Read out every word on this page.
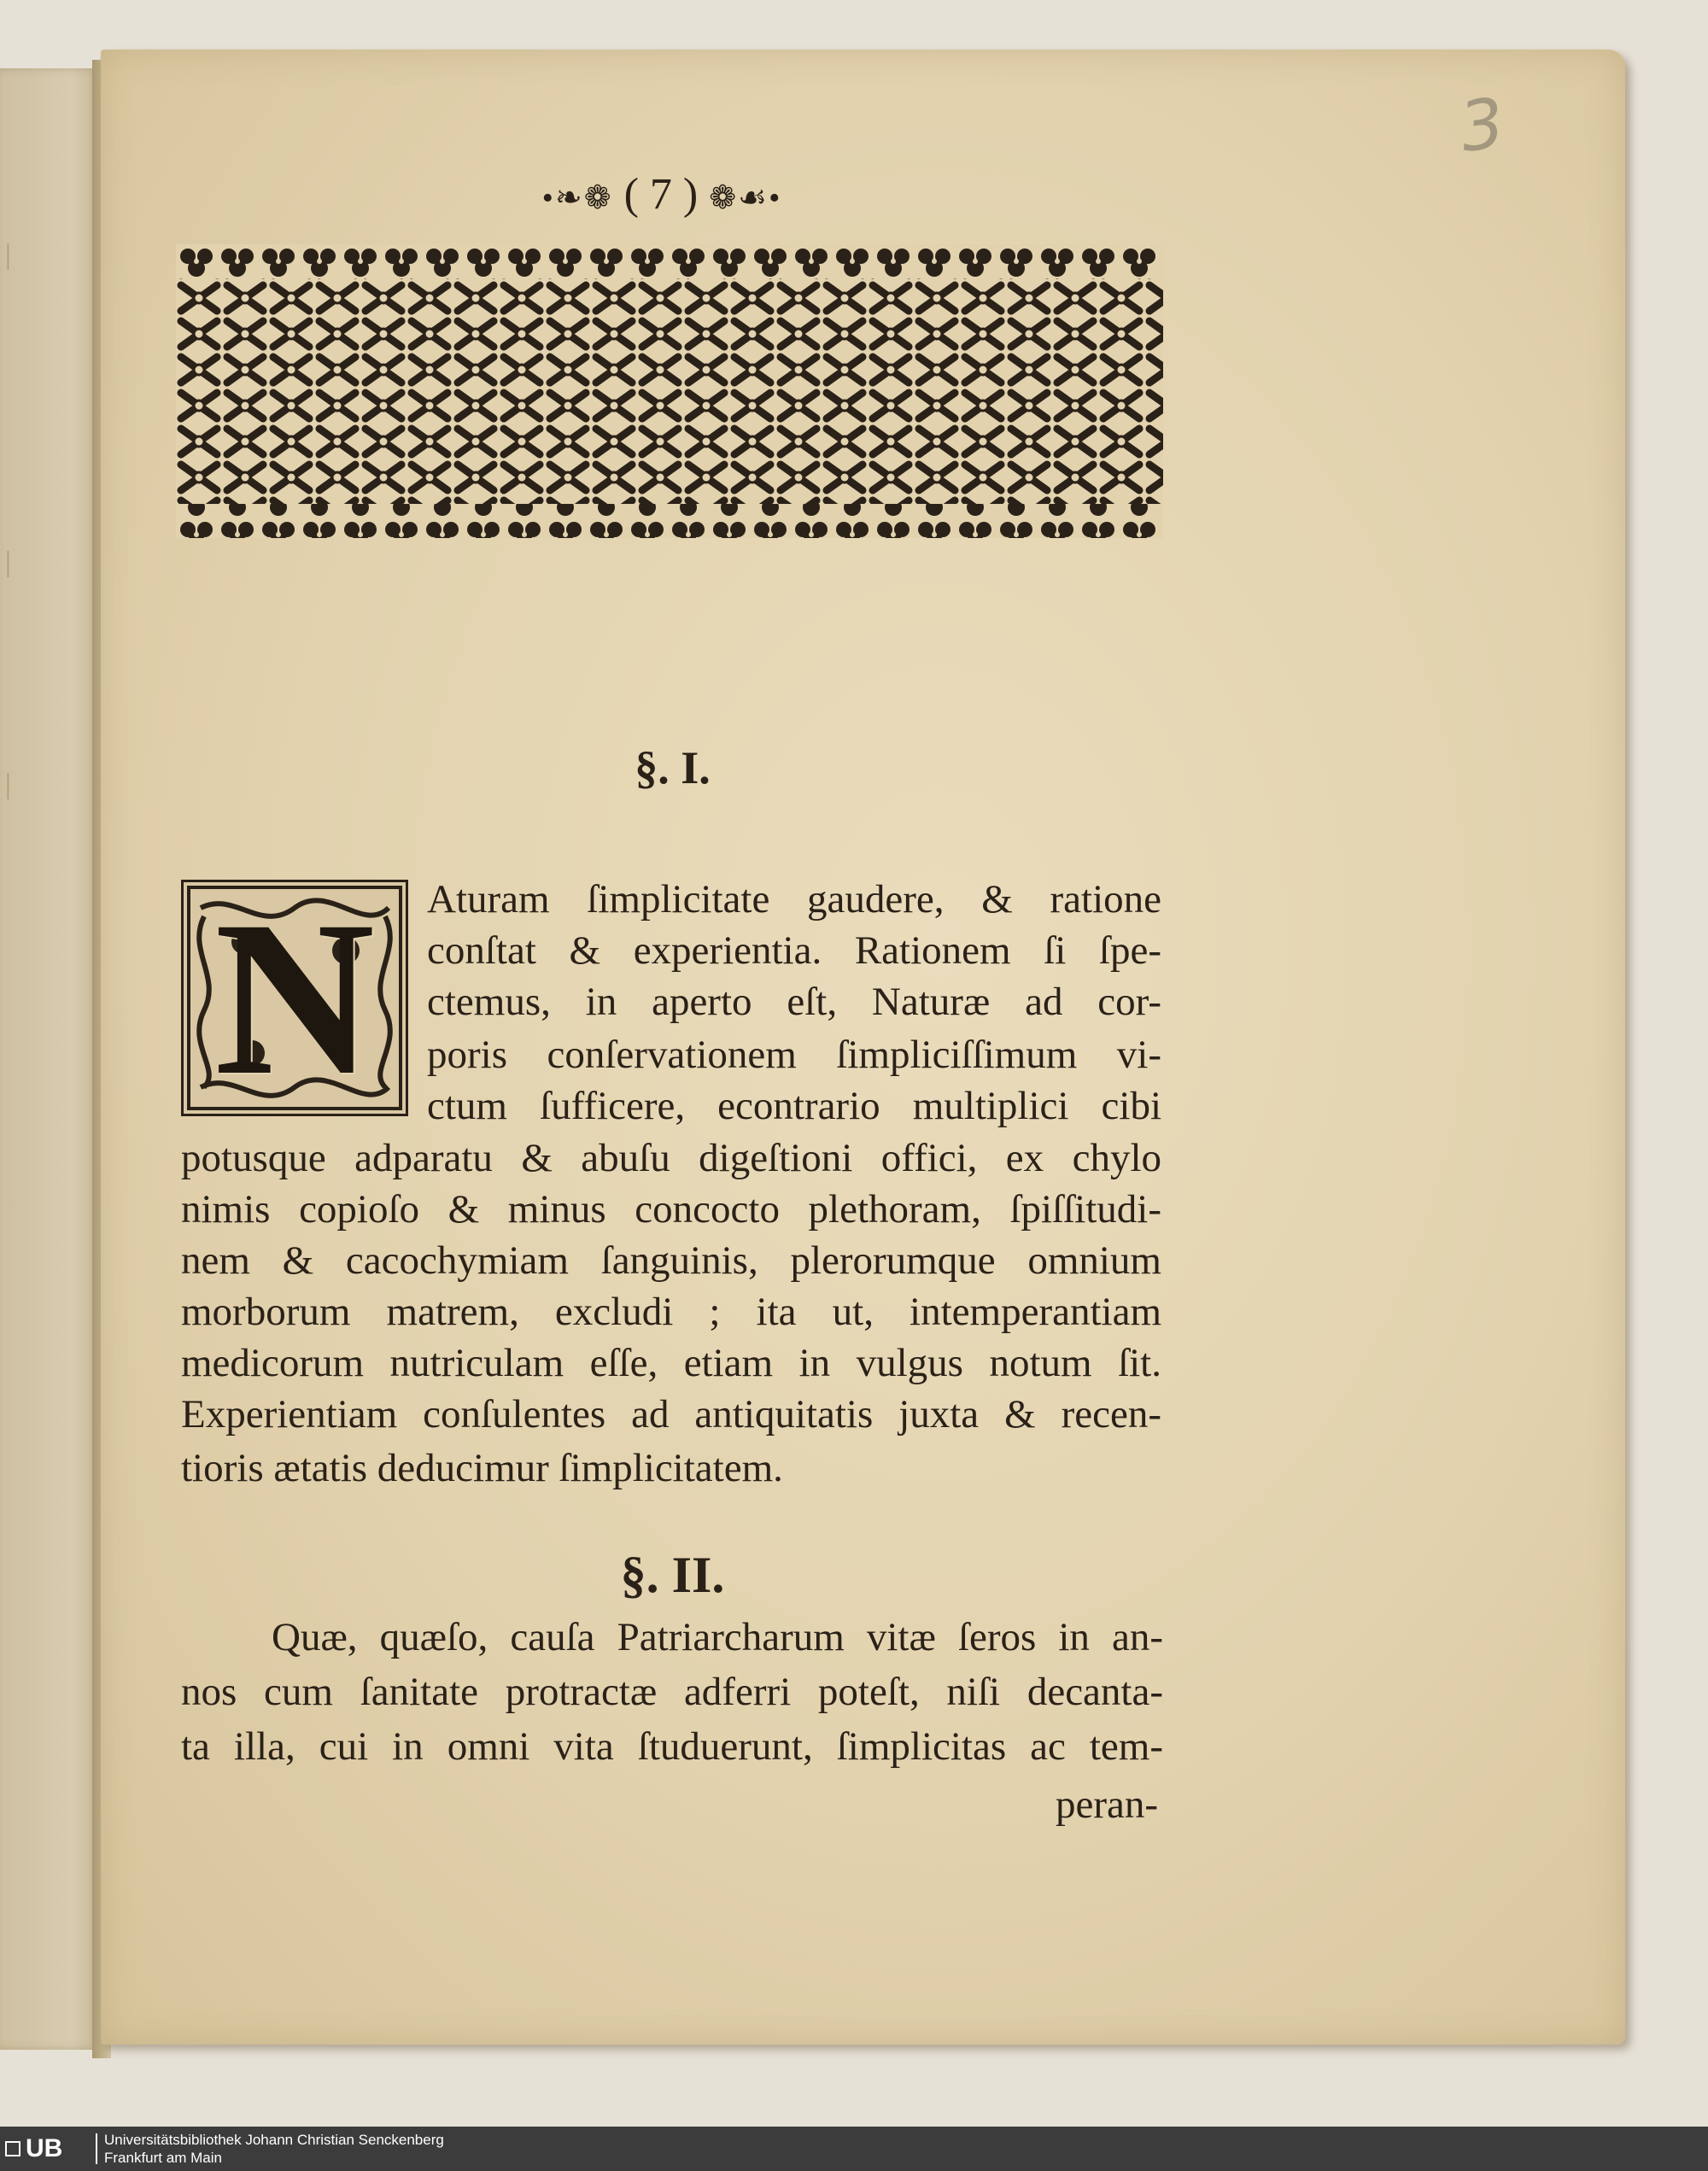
|
|
|
3
•❧❁ ( 7 ) ❁☙•
§. I.
N	Aturam ſimplicitate gaudere, & ratione
conſtat & experientia. Rationem ſi ſpe-
ctemus, in aperto eſt, Naturæ ad cor-
poris conſervationem ſimpliciſſimum vi-
ctum ſufficere, econtrario multiplici cibi
potusque adparatu & abuſu digeſtioni offici, ex chylo
nimis copioſo & minus concocto plethoram, ſpiſſitudi-
nem & cacochymiam ſanguinis, plerorumque omnium
morborum matrem, excludi ; ita ut, intemperantiam
medicorum nutriculam eſſe, etiam in vulgus notum ſit.
Experientiam conſulentes ad antiquitatis juxta & recen-
tioris ætatis deducimur ſimplicitatem.
§. II.
Quæ, quæſo, cauſa Patriarcharum vitæ ſeros in an-
nos cum ſanitate protractæ adferri poteſt, niſi decanta-
ta illa, cui in omni vita ſtuduerunt, ſimplicitas ac tem-
peran-
UB	Universitätsbibliothek Johann Christian Senckenberg
Frankfurt am Main
